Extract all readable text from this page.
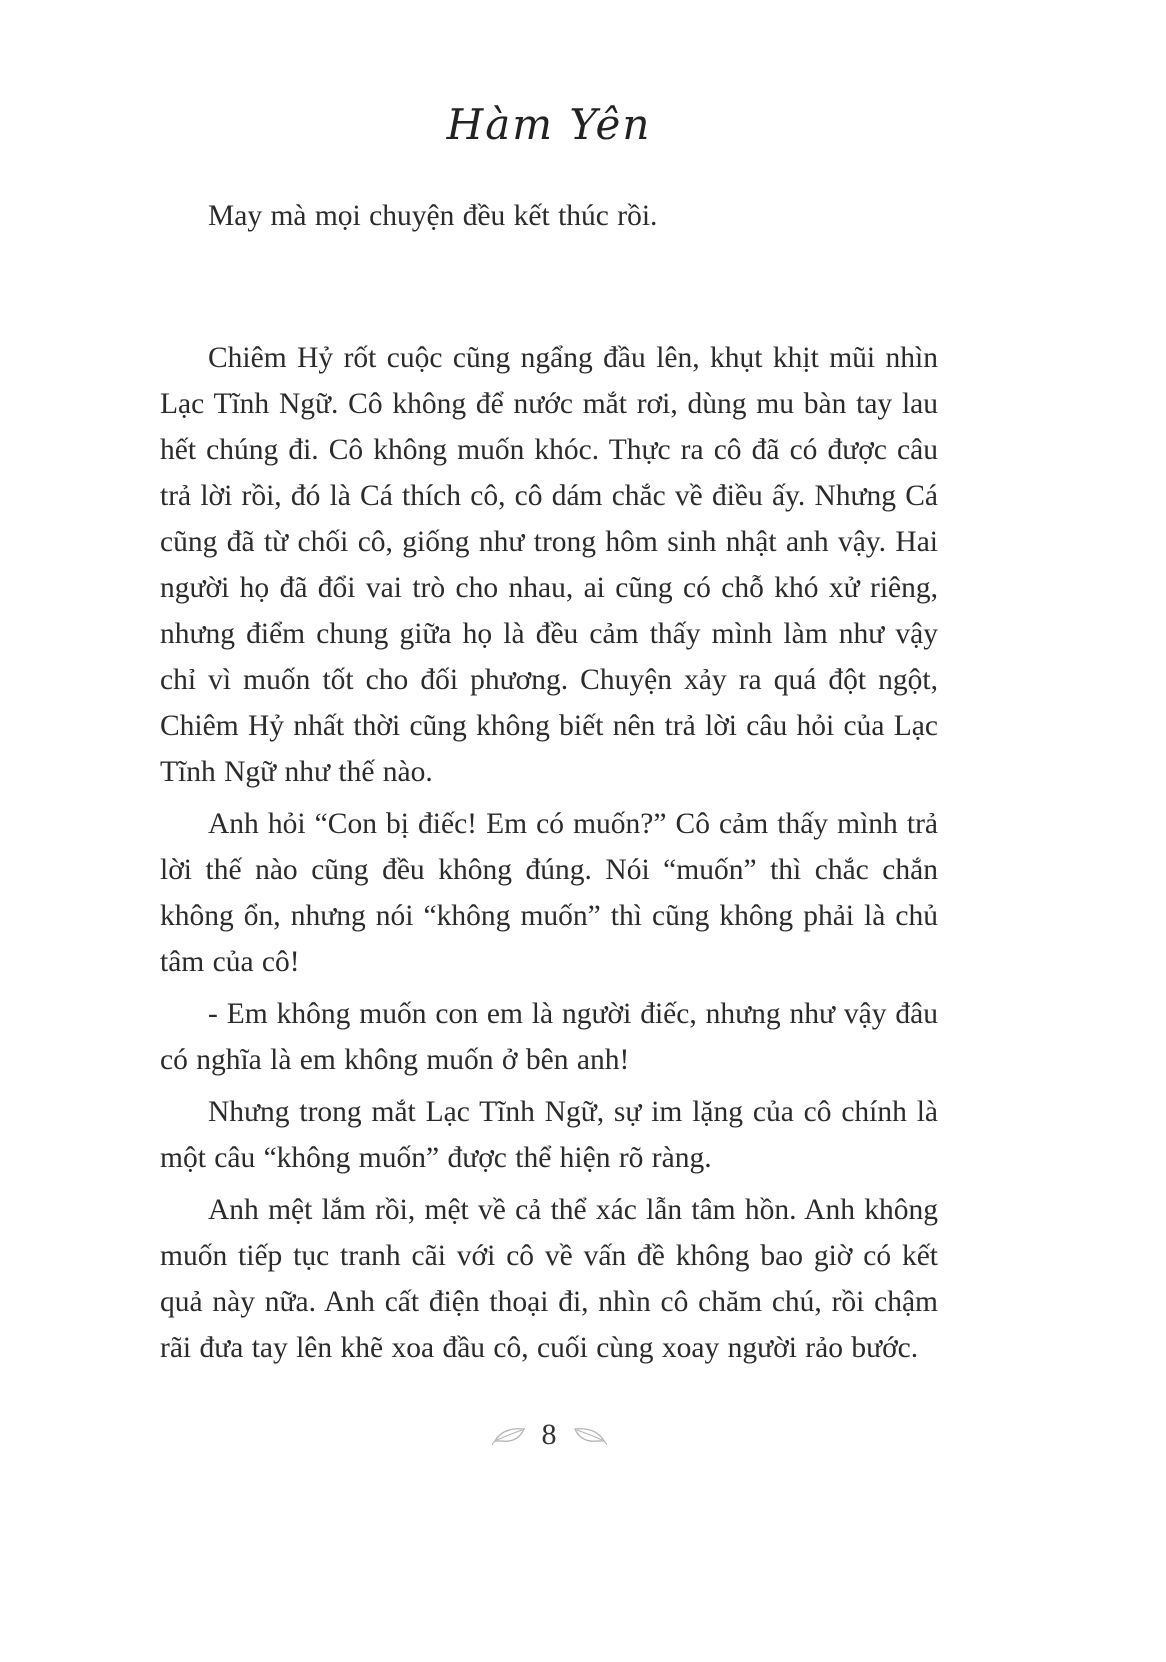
Hàm Yên

May mà mọi chuyện đều kết thúc rồi.

Chiêm Hỷ rốt cuộc cũng ngẩng đầu lên, khụt khịt mũi nhìn Lạc Tĩnh Ngữ. Cô không để nước mắt rơi, dùng mu bàn tay lau hết chúng đi. Cô không muốn khóc. Thực ra cô đã có được câu trả lời rồi, đó là Cá thích cô, cô dám chắc về điều ấy. Nhưng Cá cũng đã từ chối cô, giống như trong hôm sinh nhật anh vậy. Hai người họ đã đổi vai trò cho nhau, ai cũng có chỗ khó xử riêng, nhưng điểm chung giữa họ là đều cảm thấy mình làm như vậy chỉ vì muốn tốt cho đối phương. Chuyện xảy ra quá đột ngột, Chiêm Hỷ nhất thời cũng không biết nên trả lời câu hỏi của Lạc Tĩnh Ngữ như thế nào.

Anh hỏi “Con bị điếc! Em có muốn?” Cô cảm thấy mình trả lời thế nào cũng đều không đúng. Nói “muốn” thì chắc chắn không ổn, nhưng nói “không muốn” thì cũng không phải là chủ tâm của cô!

- Em không muốn con em là người điếc, nhưng như vậy đâu có nghĩa là em không muốn ở bên anh!

Nhưng trong mắt Lạc Tĩnh Ngữ, sự im lặng của cô chính là một câu “không muốn” được thể hiện rõ ràng.

Anh mệt lắm rồi, mệt về cả thể xác lẫn tâm hồn. Anh không muốn tiếp tục tranh cãi với cô về vấn đề không bao giờ có kết quả này nữa. Anh cất điện thoại đi, nhìn cô chăm chú, rồi chậm rãi đưa tay lên khẽ xoa đầu cô, cuối cùng xoay người rảo bước.

8
